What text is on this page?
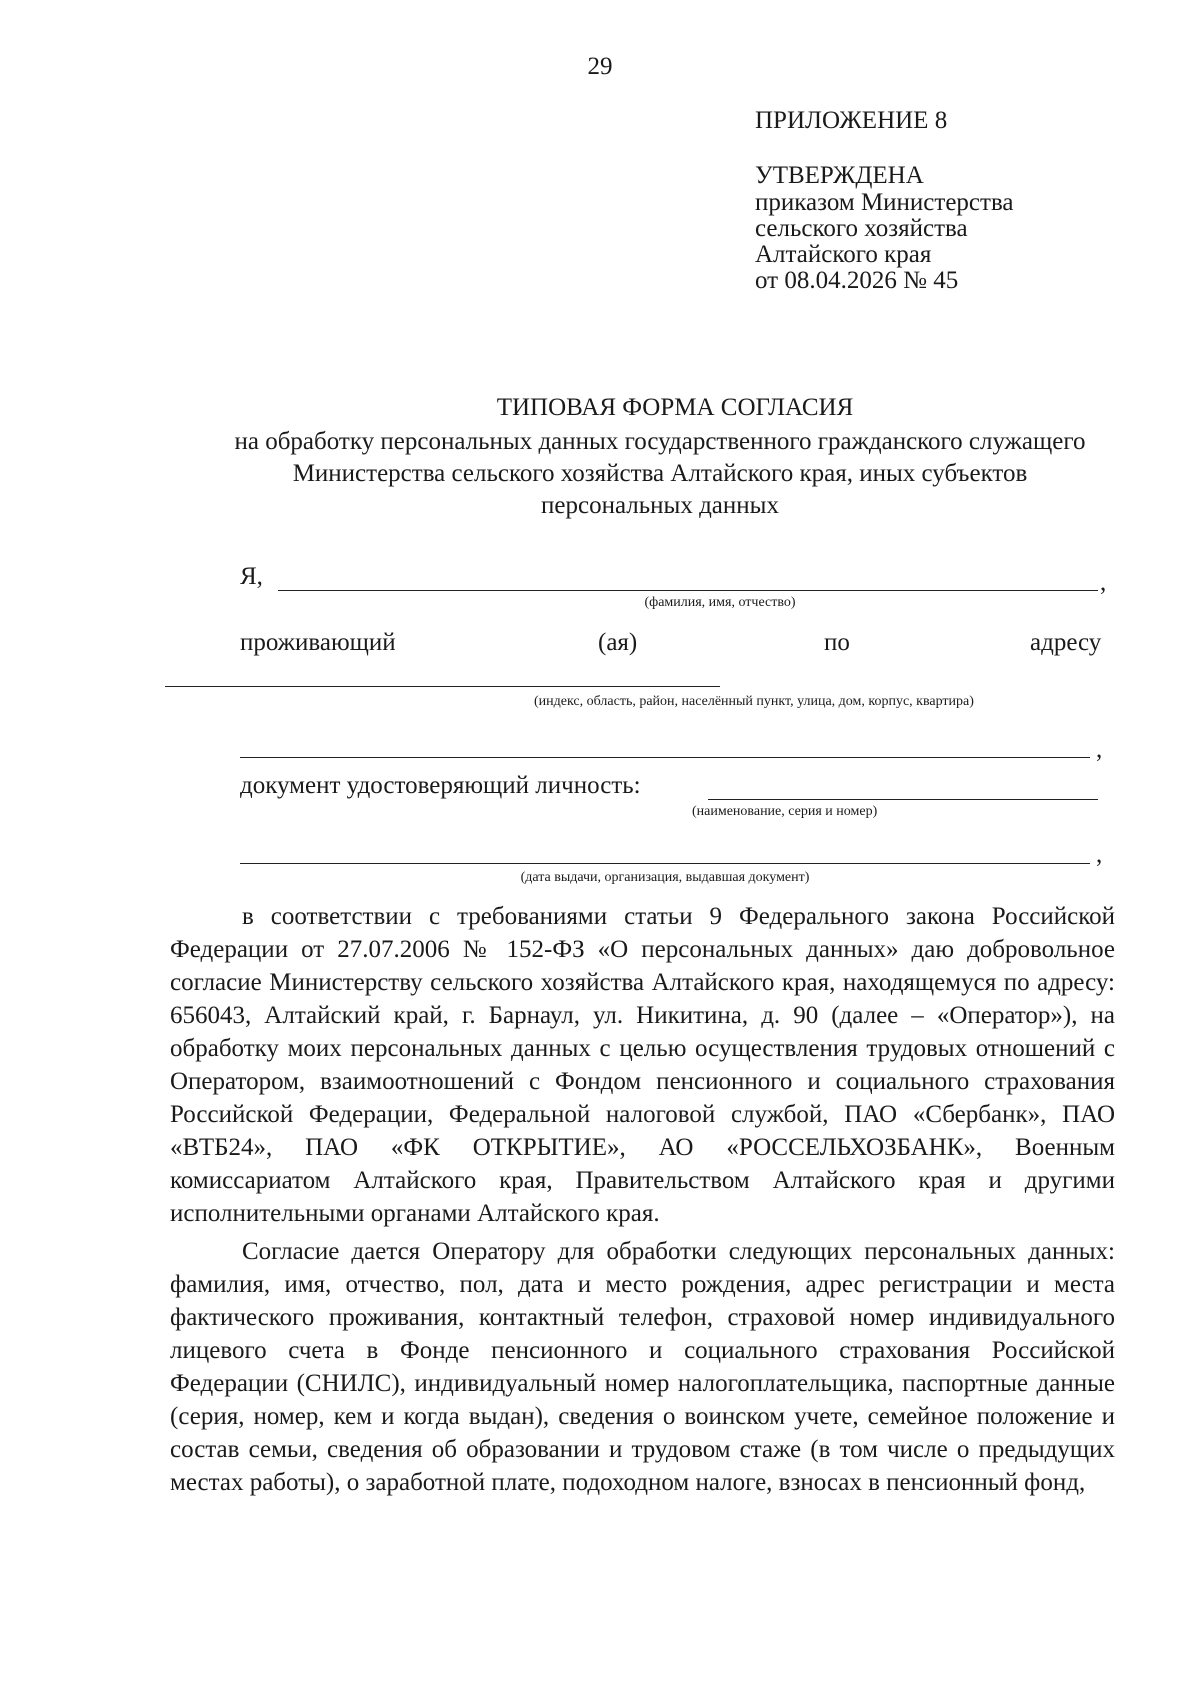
29
ПРИЛОЖЕНИЕ 8
УТВЕРЖДЕНА
приказом Министерства
сельского хозяйства
Алтайского края
от 08.04.2026 № 45
ТИПОВАЯ ФОРМА СОГЛАСИЯ
на обработку персональных данных государственного гражданского служащего Министерства сельского хозяйства Алтайского края, иных субъектов персональных данных
Я,	,
(фамилия, имя, отчество)
проживающий	(ая)	по	адресу
(индекс, область, район, населённый пункт, улица, дом, корпус, квартира)
,
документ удостоверяющий личность:
(наименование, серия и номер)
,
(дата выдачи, организация, выдавшая документ)

в соответствии с требованиями статьи 9 Федерального закона Российской Федерации от 27.07.2006 № 152-ФЗ «О персональных данных» даю добровольное согласие Министерству сельского хозяйства Алтайского края, находящемуся по адресу: 656043, Алтайский край, г. Барнаул, ул. Никитина, д. 90 (далее – «Оператор»), на обработку моих персональных данных с целью осуществления трудовых отношений с Оператором, взаимоотношений с Фондом пенсионного и социального страхования Российской Федерации, Федеральной налоговой службой, ПАО «Сбербанк», ПАО «ВТБ24», ПАО «ФК ОТКРЫТИЕ», АО «РОССЕЛЬХОЗБАНК», Военным комиссариатом Алтайского края, Правительством Алтайского края и другими исполнительными органами Алтайского края.

Согласие дается Оператору для обработки следующих персональных данных: фамилия, имя, отчество, пол, дата и место рождения, адрес регистрации и места фактического проживания, контактный телефон, страховой номер индивидуального лицевого счета в Фонде пенсионного и социального страхования Российской Федерации (СНИЛС), индивидуальный номер налогоплательщика, паспортные данные (серия, номер, кем и когда выдан), сведения о воинском учете, семейное положение и состав семьи, сведения об образовании и трудовом стаже (в том числе о предыдущих местах работы), о заработной плате, подоходном налоге, взносах в пенсионный фонд,
